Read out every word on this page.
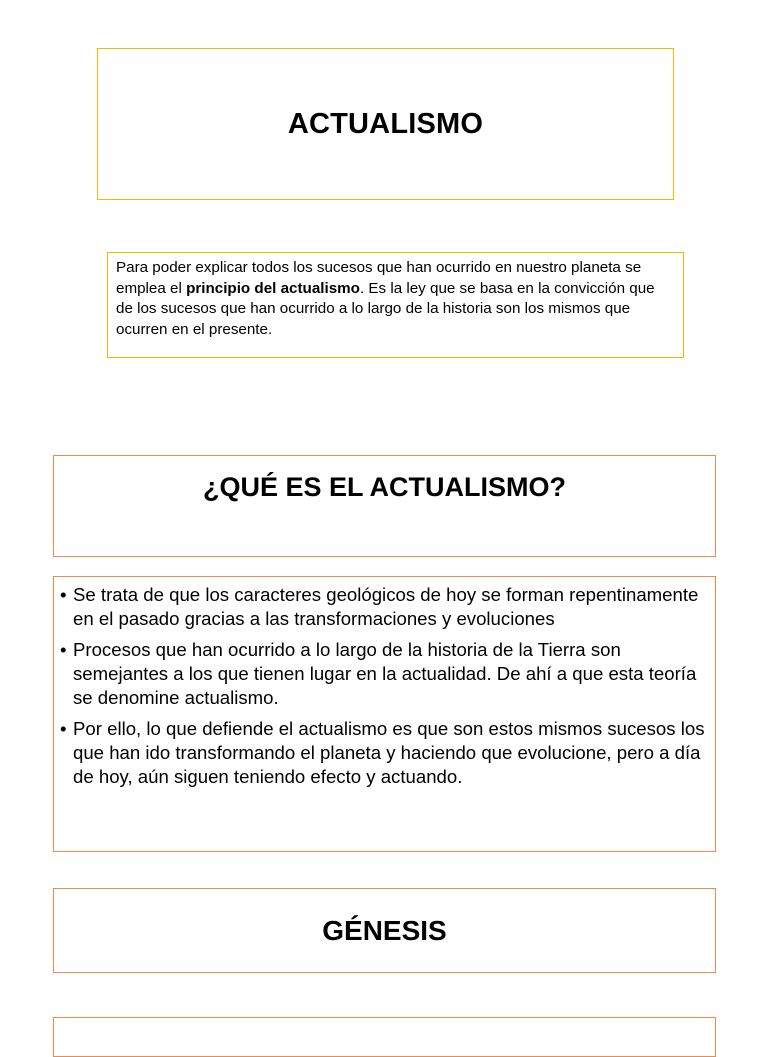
ACTUALISMO

Para poder explicar todos los sucesos que han ocurrido en nuestro planeta se emplea el principio del actualismo. Es la ley que se basa en la convicción que de los sucesos que han ocurrido a lo largo de la historia son los mismos que ocurren en el presente.

¿QUÉ ES EL ACTUALISMO?
• Se trata de que los caracteres geológicos de hoy se forman repentinamente en el pasado gracias a las transformaciones y evoluciones
• Procesos que han ocurrido a lo largo de la historia de la Tierra son semejantes a los que tienen lugar en la actualidad. De ahí a que esta teoría se denomine actualismo.
• Por ello, lo que defiende el actualismo es que son estos mismos sucesos los que han ido transformando el planeta y haciendo que evolucione, pero a día de hoy, aún siguen teniendo efecto y actuando.
GÉNESIS
